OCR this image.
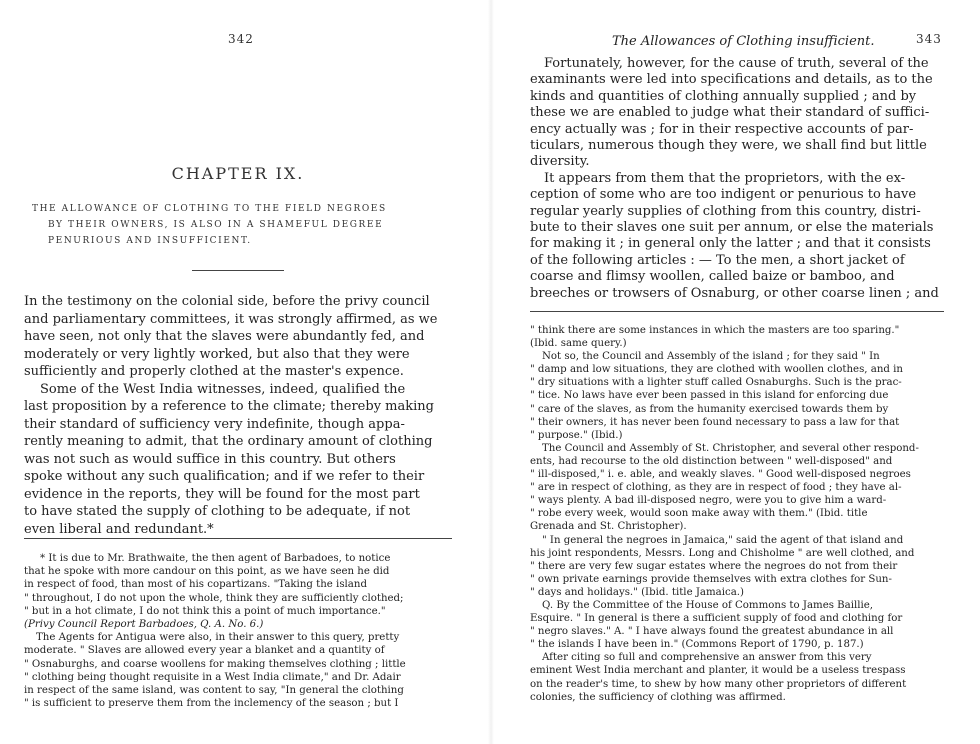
342
CHAPTER IX.
THE ALLOWANCE OF CLOTHING TO THE FIELD NEGROES
BY THEIR OWNERS, IS ALSO IN A SHAMEFUL DEGREE
PENURIOUS AND INSUFFICIENT.
In the testimony on the colonial side, before the privy council
and parliamentary committees, it was strongly affirmed, as we
have seen, not only that the slaves were abundantly fed, and
moderately or very lightly worked, but also that they were
sufficiently and properly clothed at the master's expence.
Some of the West India witnesses, indeed, qualified the
last proposition by a reference to the climate; thereby making
their standard of sufficiency very indefinite, though appa-
rently meaning to admit, that the ordinary amount of clothing
was not such as would suffice in this country. But others
spoke without any such qualification; and if we refer to their
evidence in the reports, they will be found for the most part
to have stated the supply of clothing to be adequate, if not
even liberal and redundant.*
* It is due to Mr. Brathwaite, the then agent of Barbadoes, to notice
that he spoke with more candour on this point, as we have seen he did
in respect of food, than most of his copartizans. "Taking the island
" throughout, I do not upon the whole, think they are sufficiently clothed;
" but in a hot climate, I do not think this a point of much importance."
(Privy Council Report Barbadoes, Q. A. No. 6.)
The Agents for Antigua were also, in their answer to this query, pretty
moderate. " Slaves are allowed every year a blanket and a quantity of
" Osnaburghs, and coarse woollens for making themselves clothing ; little
" clothing being thought requisite in a West India climate," and Dr. Adair
in respect of the same island, was content to say, "In general the clothing
" is sufficient to preserve them from the inclemency of the season ; but I
The Allowances of Clothing insufficient.	343
Fortunately, however, for the cause of truth, several of the
examinants were led into specifications and details, as to the
kinds and quantities of clothing annually supplied ; and by
these we are enabled to judge what their standard of suffici-
ency actually was ; for in their respective accounts of par-
ticulars, numerous though they were, we shall find but little
diversity.
It appears from them that the proprietors, with the ex-
ception of some who are too indigent or penurious to have
regular yearly supplies of clothing from this country, distri-
bute to their slaves one suit per annum, or else the materials
for making it ; in general only the latter ; and that it consists
of the following articles : — To the men, a short jacket of
coarse and flimsy woollen, called baize or bamboo, and
breeches or trowsers of Osnaburg, or other coarse linen ; and
" think there are some instances in which the masters are too sparing."
(Ibid. same query.)
Not so, the Council and Assembly of the island ; for they said " In
" damp and low situations, they are clothed with woollen clothes, and in
" dry situations with a lighter stuff called Osnaburghs. Such is the prac-
" tice. No laws have ever been passed in this island for enforcing due
" care of the slaves, as from the humanity exercised towards them by
" their owners, it has never been found necessary to pass a law for that
" purpose." (Ibid.)
The Council and Assembly of St. Christopher, and several other respond-
ents, had recourse to the old distinction between " well-disposed" and
" ill-disposed," i. e. able, and weakly slaves. " Good well-disposed negroes
" are in respect of clothing, as they are in respect of food ; they have al-
" ways plenty. A bad ill-disposed negro, were you to give him a ward-
" robe every week, would soon make away with them." (Ibid. title
Grenada and St. Christopher).
" In general the negroes in Jamaica," said the agent of that island and
his joint respondents, Messrs. Long and Chisholme " are well clothed, and
" there are very few sugar estates where the negroes do not from their
" own private earnings provide themselves with extra clothes for Sun-
" days and holidays." (Ibid. title Jamaica.)
Q. By the Committee of the House of Commons to James Baillie,
Esquire. " In general is there a sufficient supply of food and clothing for
" negro slaves." A. " I have always found the greatest abundance in all
" the islands I have been in." (Commons Report of 1790, p. 187.)
After citing so full and comprehensive an answer from this very
eminent West India merchant and planter, it would be a useless trespass
on the reader's time, to shew by how many other proprietors of different
colonies, the sufficiency of clothing was affirmed.
